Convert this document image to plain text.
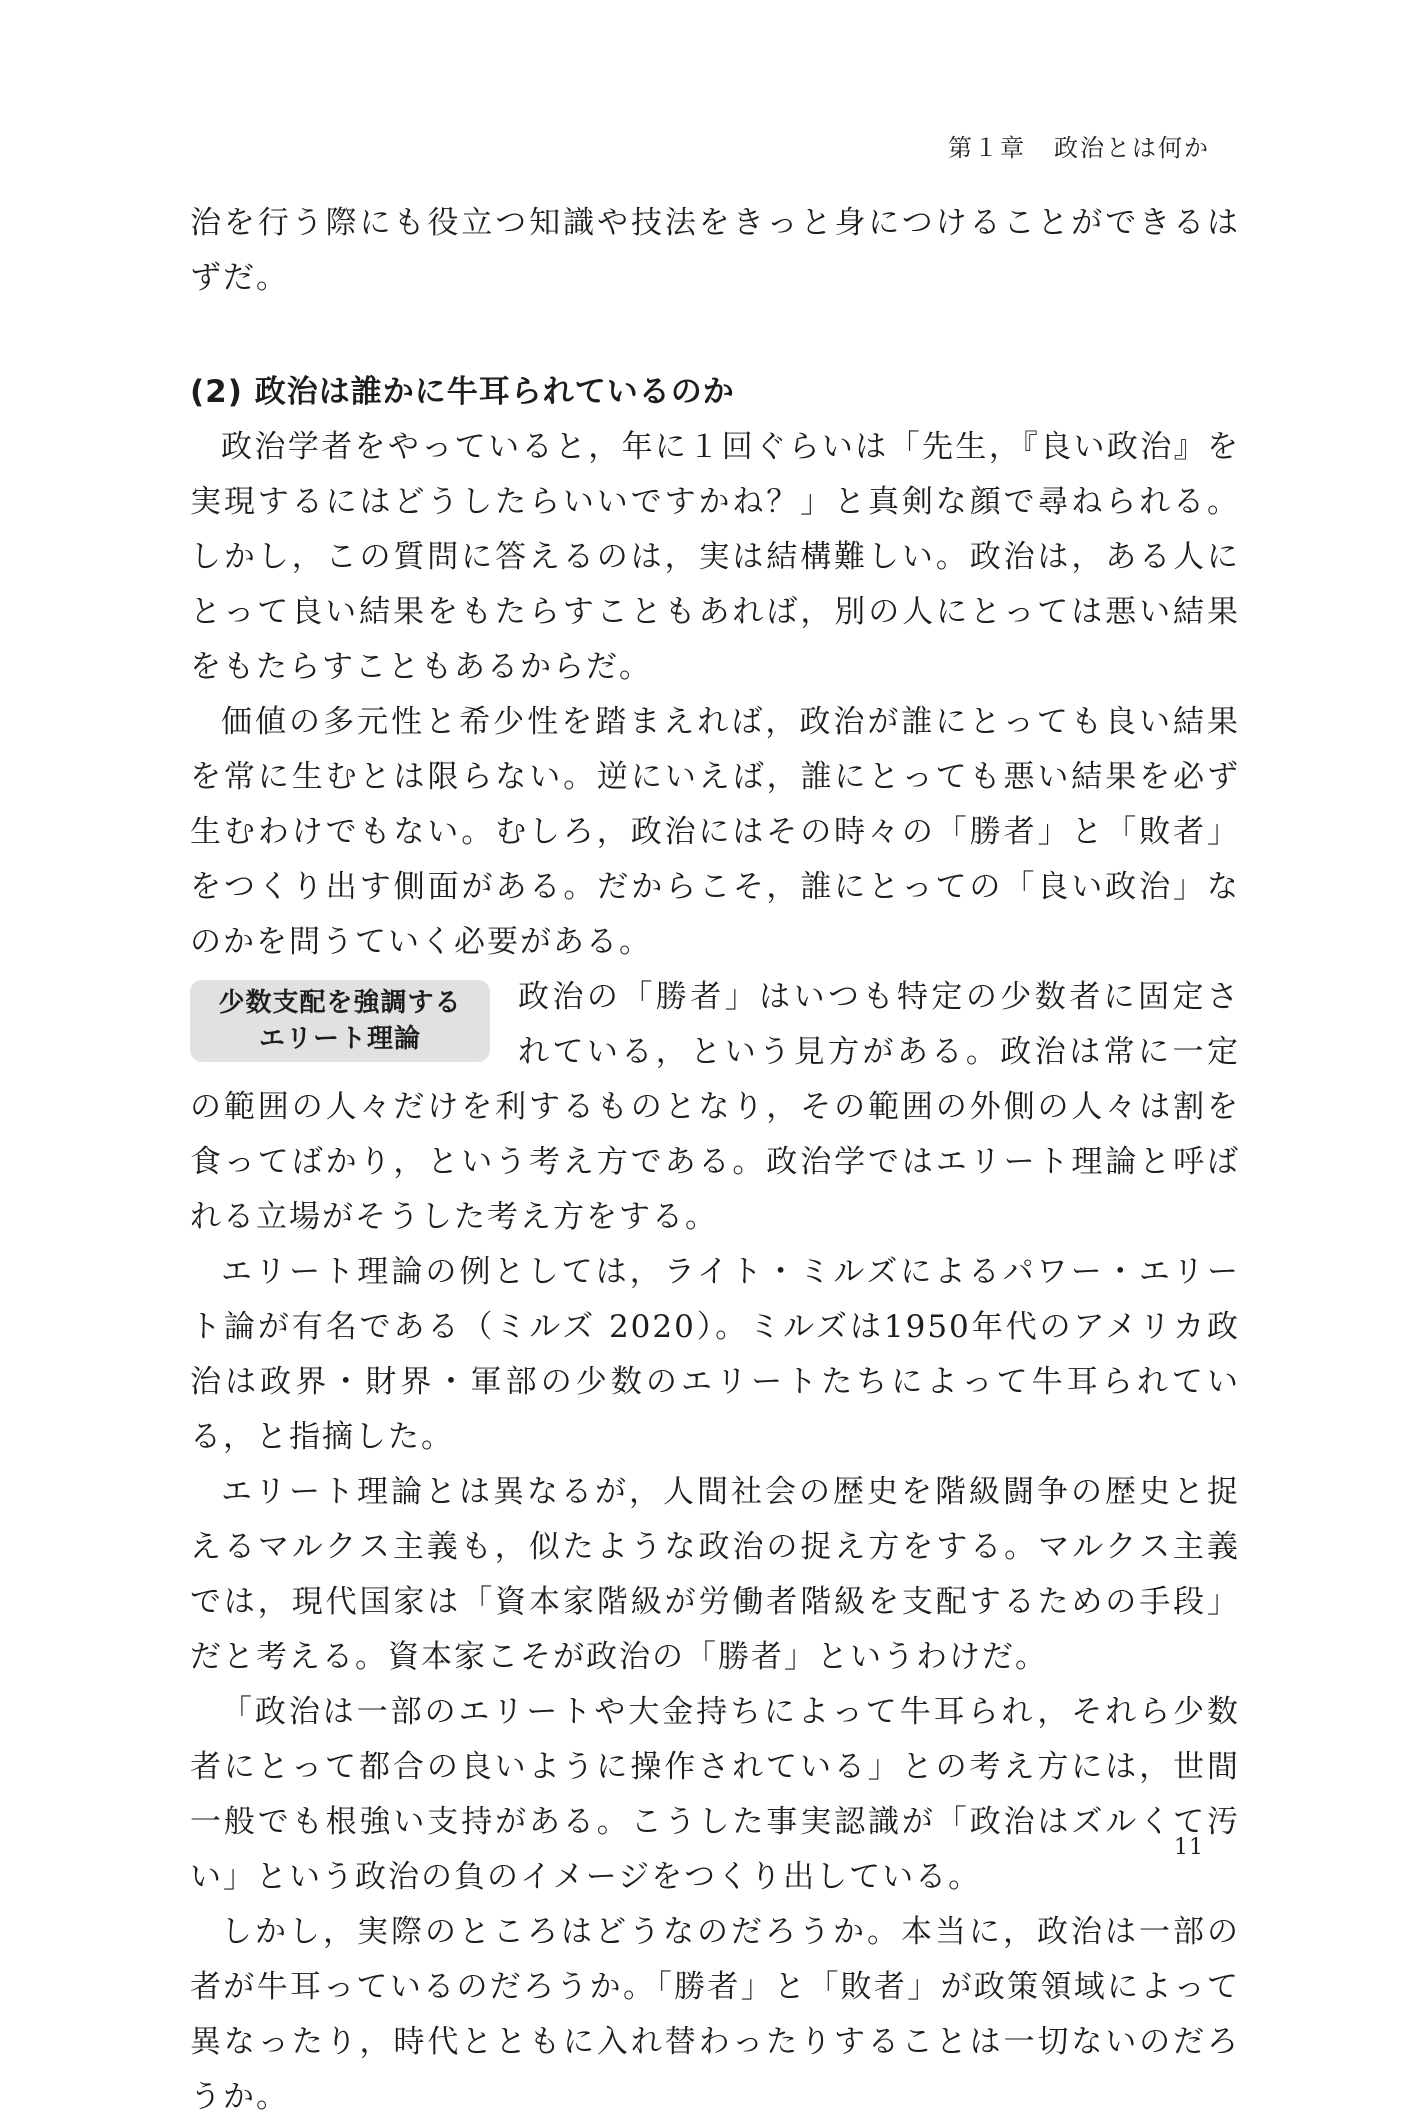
第１章 政治とは何か

治を行う際にも役立つ知識や技法をきっと身につけることができるはずだ。

(2) 政治は誰かに牛耳られているのか

政治学者をやっていると，年に１回ぐらいは「先生，『良い政治』を実現するにはどうしたらいいですかね？」と真剣な顔で尋ねられる。しかし，この質問に答えるのは，実は結構難しい。政治は，ある人にとって良い結果をもたらすこともあれば，別の人にとっては悪い結果をもたらすこともあるからだ。

価値の多元性と希少性を踏まえれば，政治が誰にとっても良い結果を常に生むとは限らない。逆にいえば，誰にとっても悪い結果を必ず生むわけでもない。むしろ，政治にはその時々の「勝者」と「敗者」をつくり出す側面がある。だからこそ，誰にとっての「良い政治」なのかを問うていく必要がある。

少数支配を強調する
エリート理論

政治の「勝者」はいつも特定の少数者に固定されている，という見方がある。政治は常に一定の範囲の人々だけを利するものとなり，その範囲の外側の人々は割を食ってばかり，という考え方である。政治学ではエリート理論と呼ばれる立場がそうした考え方をする。

エリート理論の例としては，ライト・ミルズによるパワー・エリート論が有名である（ミルズ 2020）。ミルズは1950年代のアメリカ政治は政界・財界・軍部の少数のエリートたちによって牛耳られている，と指摘した。

エリート理論とは異なるが，人間社会の歴史を階級闘争の歴史と捉えるマルクス主義も，似たような政治の捉え方をする。マルクス主義では，現代国家は「資本家階級が労働者階級を支配するための手段」だと考える。資本家こそが政治の「勝者」というわけだ。

「政治は一部のエリートや大金持ちによって牛耳られ，それら少数者にとって都合の良いように操作されている」との考え方には，世間一般でも根強い支持がある。こうした事実認識が「政治はズルくて汚い」という政治の負のイメージをつくり出している。

しかし，実際のところはどうなのだろうか。本当に，政治は一部の者が牛耳っているのだろうか。「勝者」と「敗者」が政策領域によって異なったり，時代とともに入れ替わったりすることは一切ないのだろうか。

11
